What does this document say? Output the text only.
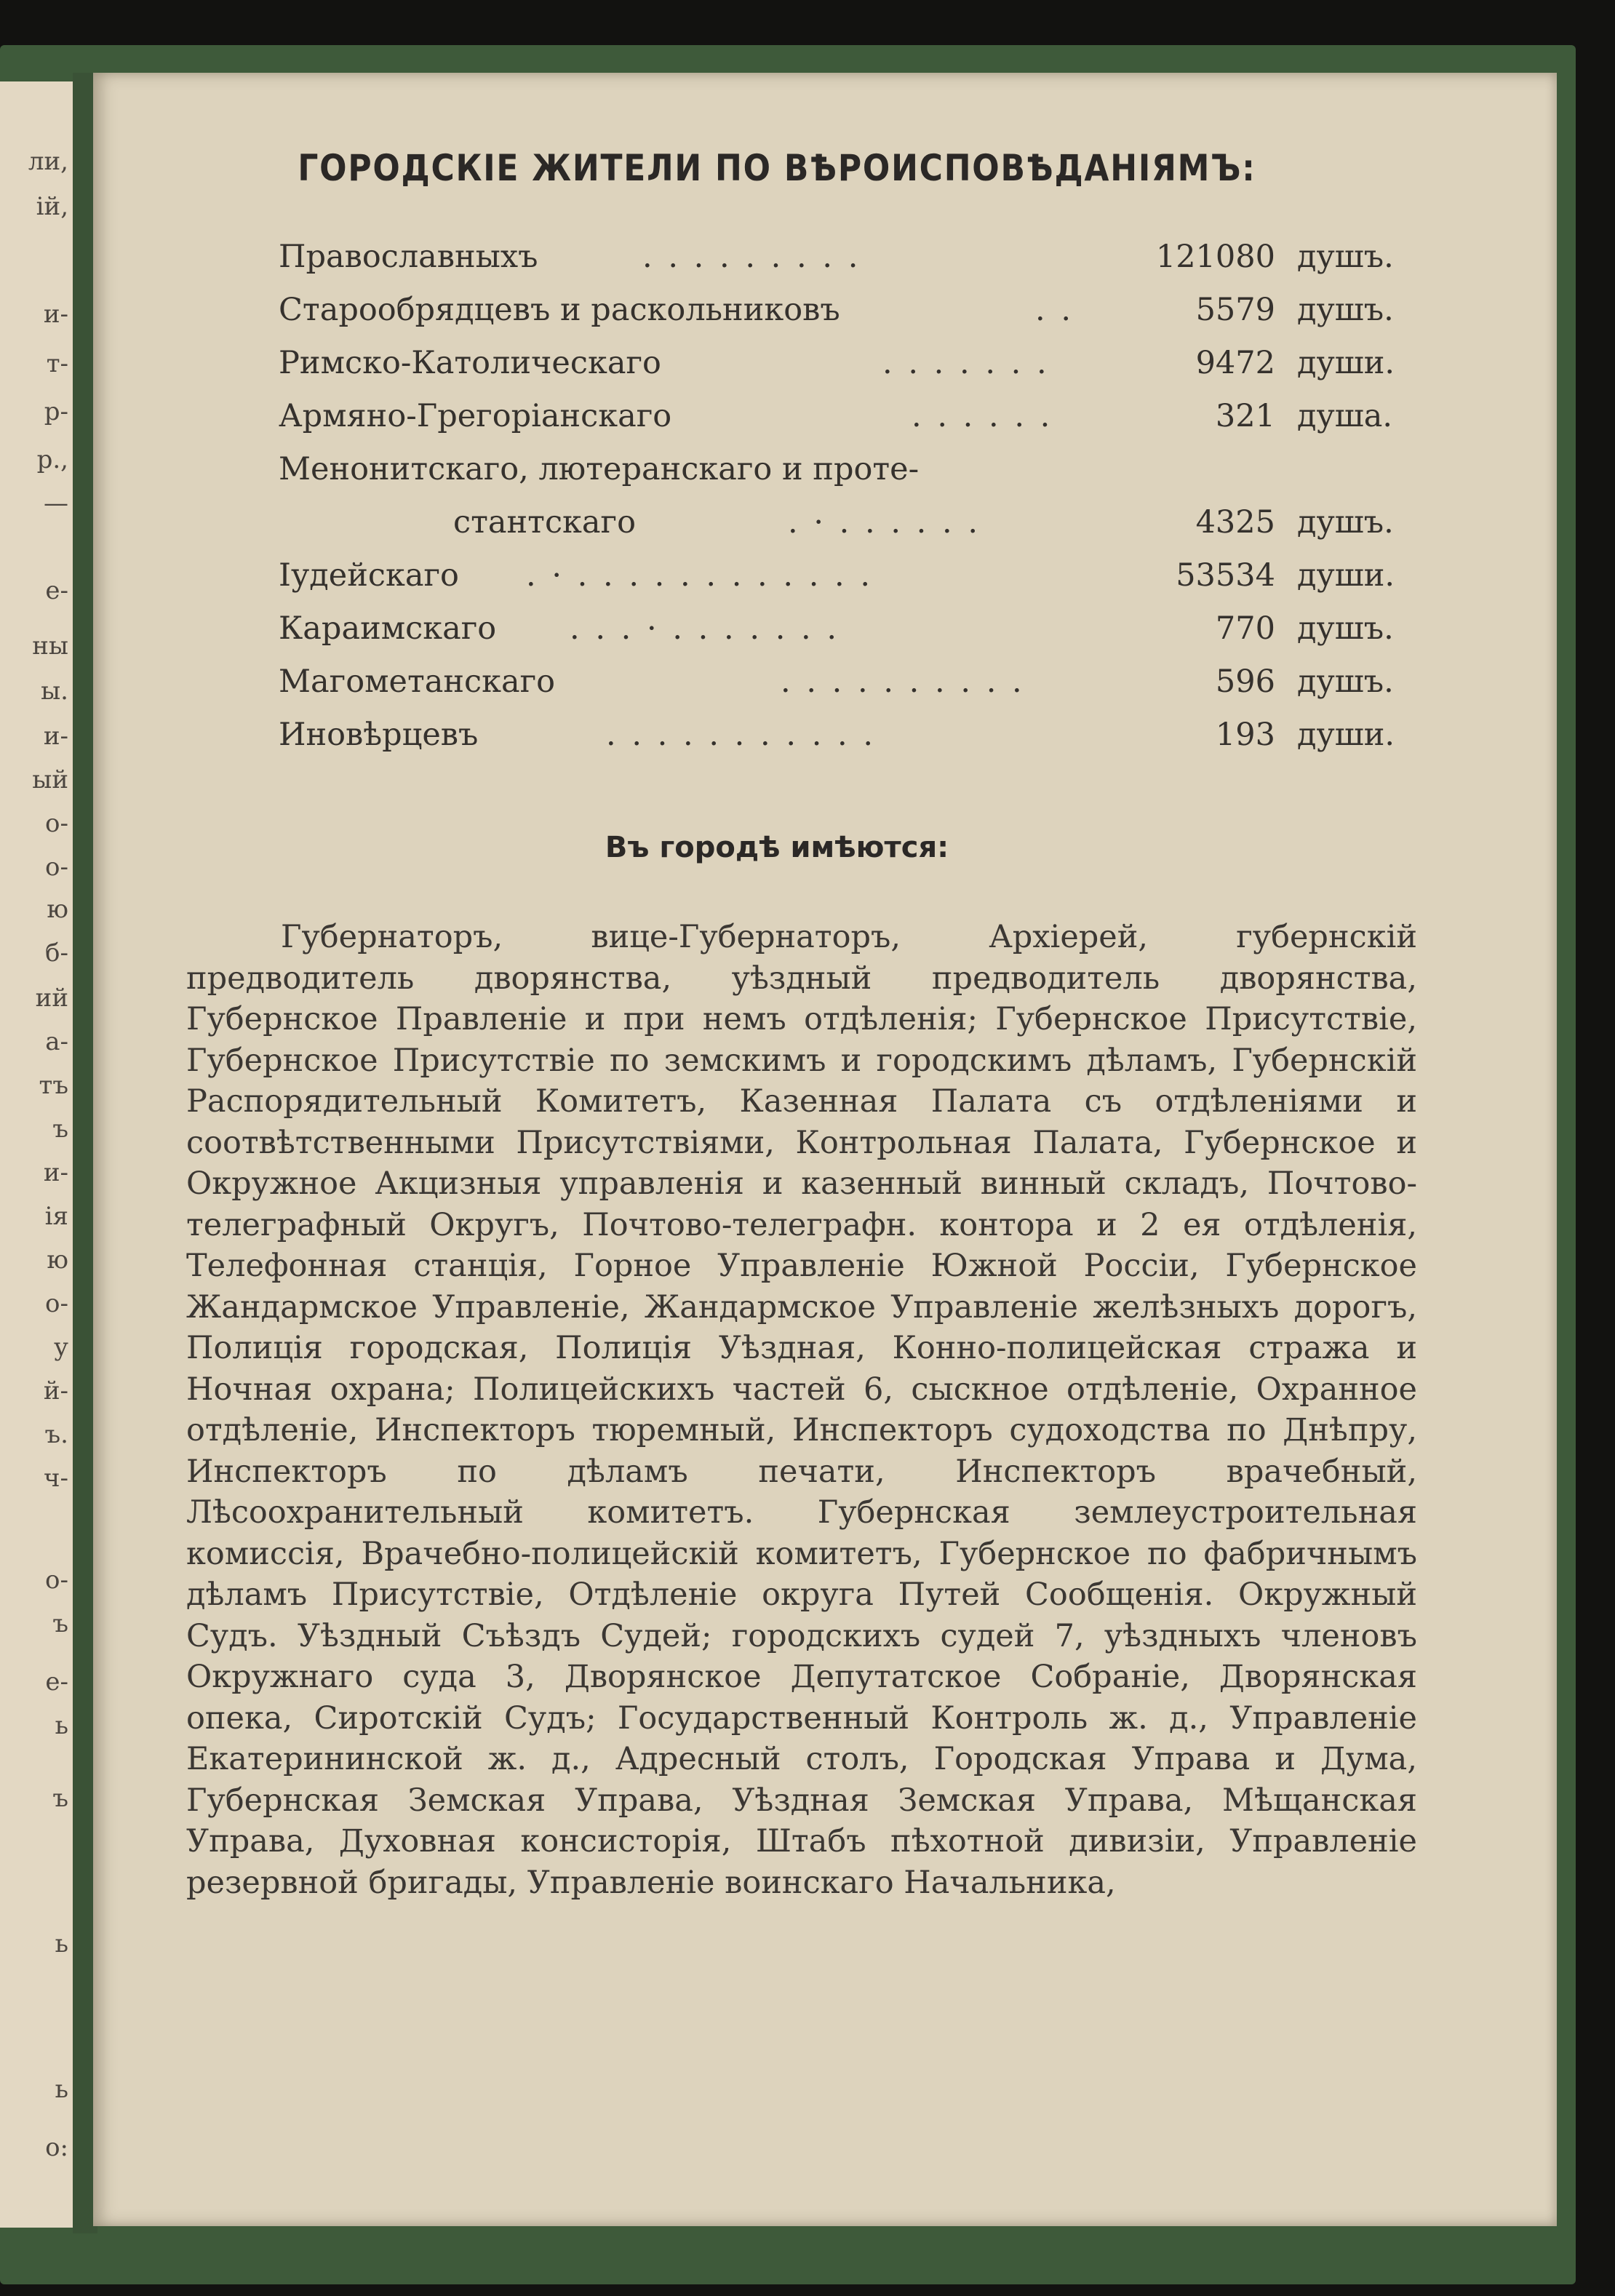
ли,
ій,
и-
т-
р-
р.,
—
е-
ны
ы.
и-
ый
о-
о-
ю
б-
ий
а-
тъ
ъ
и-
ія
ю
о-
у
й-
ъ.
ч-
о-
ъ
е-
ь
ъ
ь
ь
о:
ГОРОДСКІЕ ЖИТЕЛИ ПО ВѢРОИСПОВѢДАНІЯМЪ:
Православныхъ	. . . . . . . . .	121080 душъ.
Старообрядцевъ и раскольниковъ	. .	5579 душъ.
Римско-Католическаго	. . . . . . .	9472 души.
Армяно-Грегоріанскаго	. . . . . .	321 душа.
Менонитскаго, лютеранскаго и проте-
стантскаго	. · . . . . . .	4325 душъ.
Іудейскаго . · . . . . . . . . . . . .	53534 души.
Караимскаго . . . · . . . . . . .	770 душъ.
Магометанскаго	. . . . . . . . . .	596 душъ.
Иновѣрцевъ	. . . . . . . . . . .	193 души.
Въ городѣ имѣются:

Губернаторъ, вице-Губернаторъ, Архіерей, губернскій предводитель дворянства, уѣздный предводитель дворянства, Губернское Правленіе и при немъ отдѣленія; Губернское Присутствіе, Губернское Присутствіе по земскимъ и городскимъ дѣламъ, Губернскій Распорядительный Комитетъ, Казенная Палата съ отдѣленіями и соотвѣтственными Присутствіями, Контрольная Палата, Губернское и Окружное Акцизныя управленія и казенный винный складъ, Почтово-телеграфный Округъ, Почтово-телеграфн. контора и 2 ея отдѣленія, Телефонная станція, Горное Управленіе Южной Россіи, Губернское Жандармское Управленіе, Жандармское Управленіе желѣзныхъ дорогъ, Полиція городская, Полиція Уѣздная, Конно-полицейская стража и Ночная охрана; Полицейскихъ частей 6, сыскное отдѣленіе, Охранное отдѣленіе, Инспекторъ тюремный, Инспекторъ судоходства по Днѣпру, Инспекторъ по дѣламъ печати, Инспекторъ врачебный, Лѣсоохранительный комитетъ. Губернская землеустроительная комиссія, Врачебно-полицейскій комитетъ, Губернское по фабричнымъ дѣламъ Присутствіе, Отдѣленіе округа Путей Сообщенія. Окружный Судъ. Уѣздный Съѣздъ Судей; городскихъ судей 7, уѣздныхъ членовъ Окружнаго суда 3, Дворянское Депутатское Собраніе, Дворянская опека, Сиротскій Судъ; Государственный Контроль ж. д., Управленіе Екатерининской ж. д., Адресный столъ, Городская Управа и Дума, Губернская Земская Управа, Уѣздная Земская Управа, Мѣщанская Управа, Духовная консисторія, Штабъ пѣхотной дивизіи, Управленіе резервной бригады, Управленіе воинскаго Начальника,
